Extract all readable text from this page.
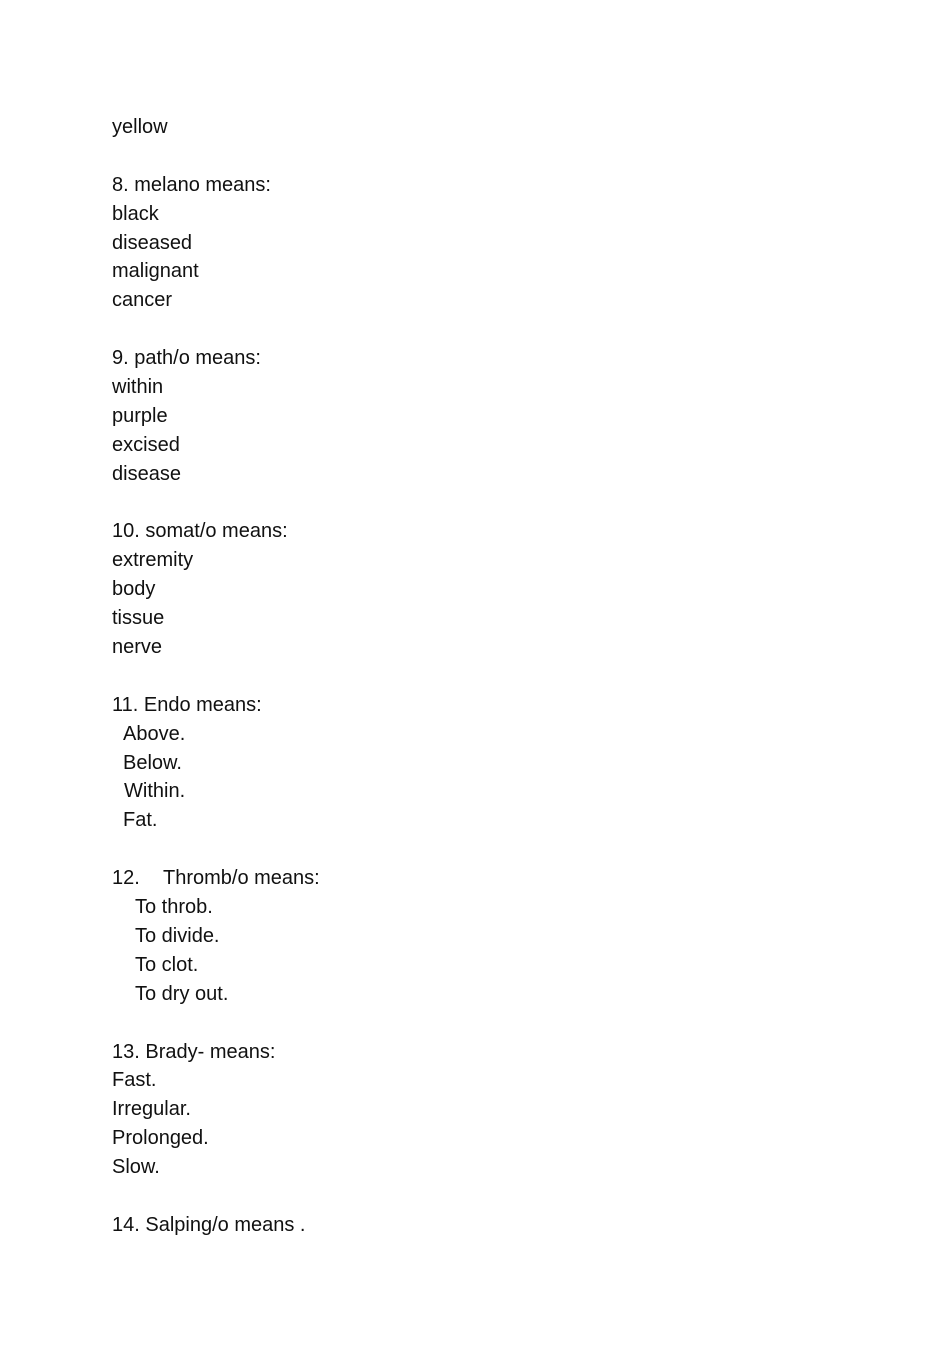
yellow
8. melano means:
black
diseased
malignant
cancer
9. path/o means:
within
purple
excised
disease
10. somat/o means:
extremity
body
tissue
nerve
11. Endo means:
Above.
Below.
Within.
Fat.
12. Thromb/o means:
To throb.
To divide.
To clot.
To dry out.
13. Brady- means:
Fast.
Irregular.
Prolonged.
Slow.
14. Salping/o means .
